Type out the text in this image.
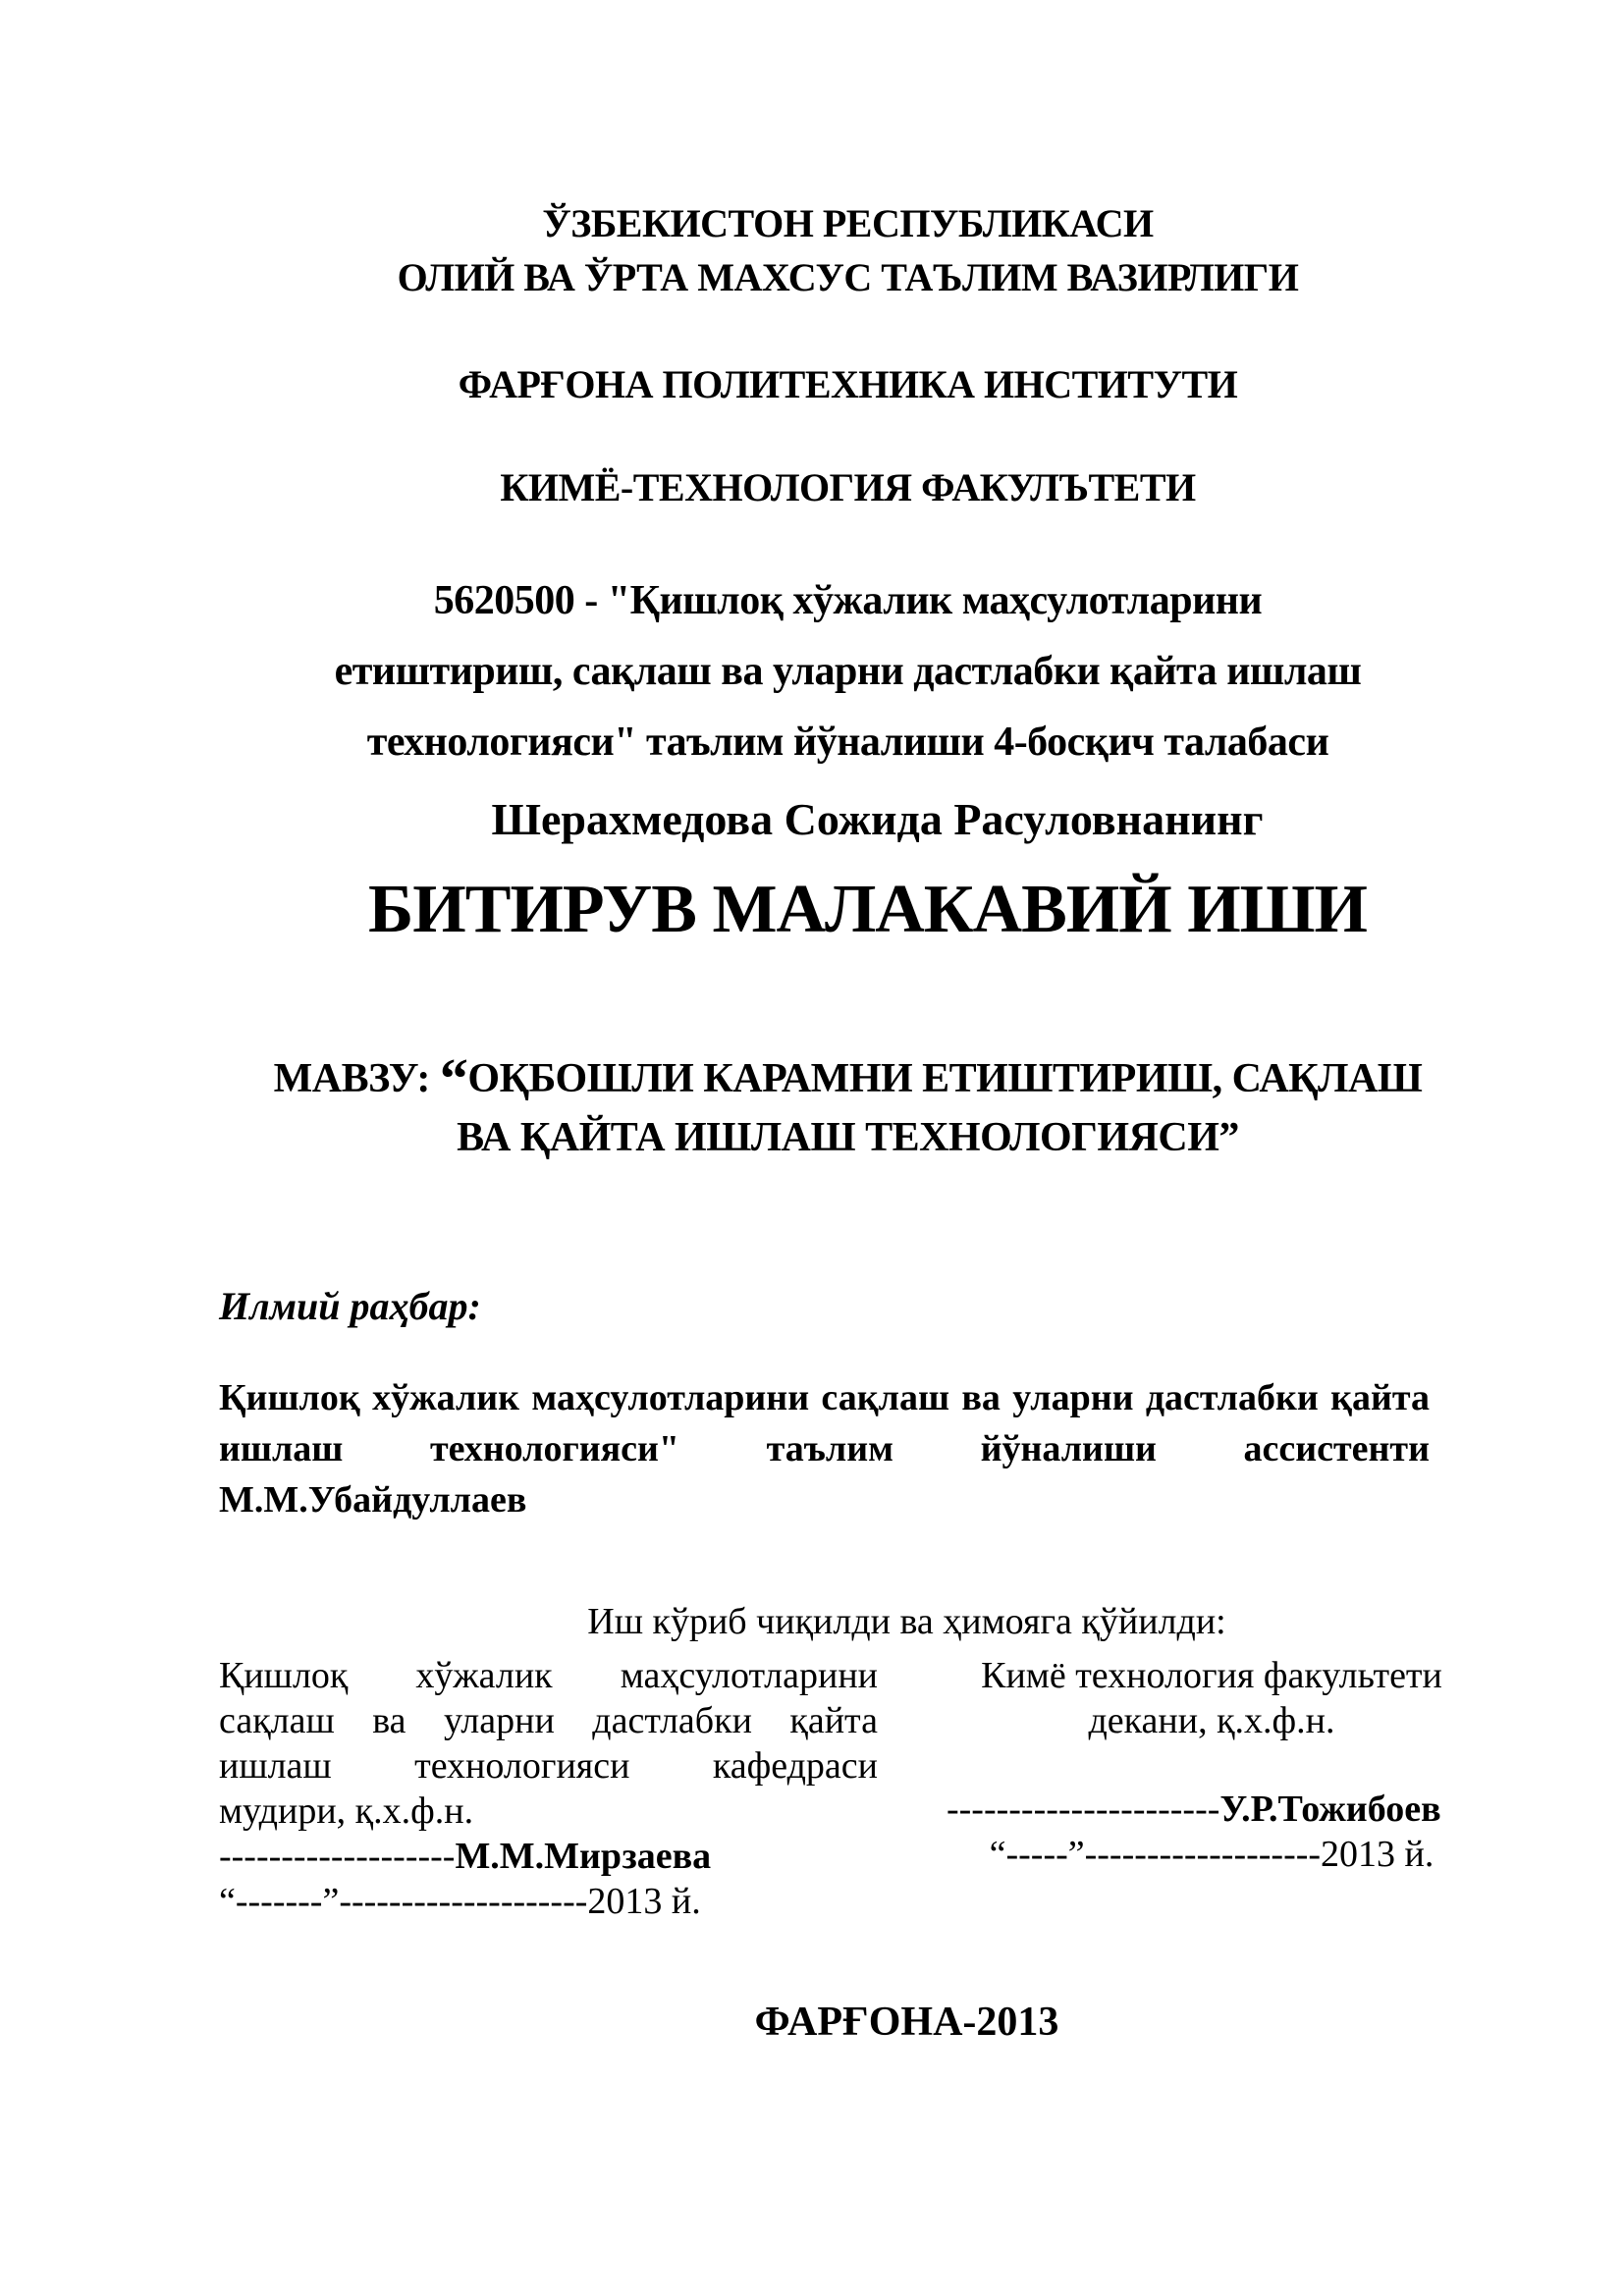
ЎЗБЕКИСТОН РЕСПУБЛИКАСИ
ОЛИЙ ВА ЎРТА МАХСУС ТАЪЛИМ ВАЗИРЛИГИ
ФАРҒОНА ПОЛИТЕХНИКА ИНСТИТУТИ
КИМЁ-ТЕХНОЛОГИЯ ФАКУЛЪТЕТИ
5620500 - "Қишлоқ хўжалик маҳсулотларини
етиштириш, сақлаш ва уларни дастлабки қайта ишлаш
технологияси" таълим йўналиши 4-босқич талабаси
Шерахмедова Сожида Расуловнанинг
БИТИРУВ МАЛАКАВИЙ ИШИ
МАВЗУ: “ОҚБОШЛИ КАРАМНИ ЕТИШТИРИШ, САҚЛАШ
ВА ҚАЙТА ИШЛАШ ТЕХНОЛОГИЯСИ”
Илмий раҳбар:
Қишлоқ хўжалик маҳсулотларини сақлаш ва уларни дастлабки қайта
ишлаш технологияси" таълим йўналиши ассистенти
М.М.Убайдуллаев
Иш кўриб чиқилди ва ҳимояга қўйилди:
Қишлоқ хўжалик маҳсулотларини
сақлаш ва уларни дастлабки қайта
ишлаш технологияси кафедраси
мудири, қ.х.ф.н.
-------------------М.М.Мирзаева
“-------”--------------------2013 й.
Кимё технология факультети
декани, қ.х.ф.н.
----------------------У.Р.Тожибоев
“-----”-------------------2013 й.
ФАРҒОНА-2013
